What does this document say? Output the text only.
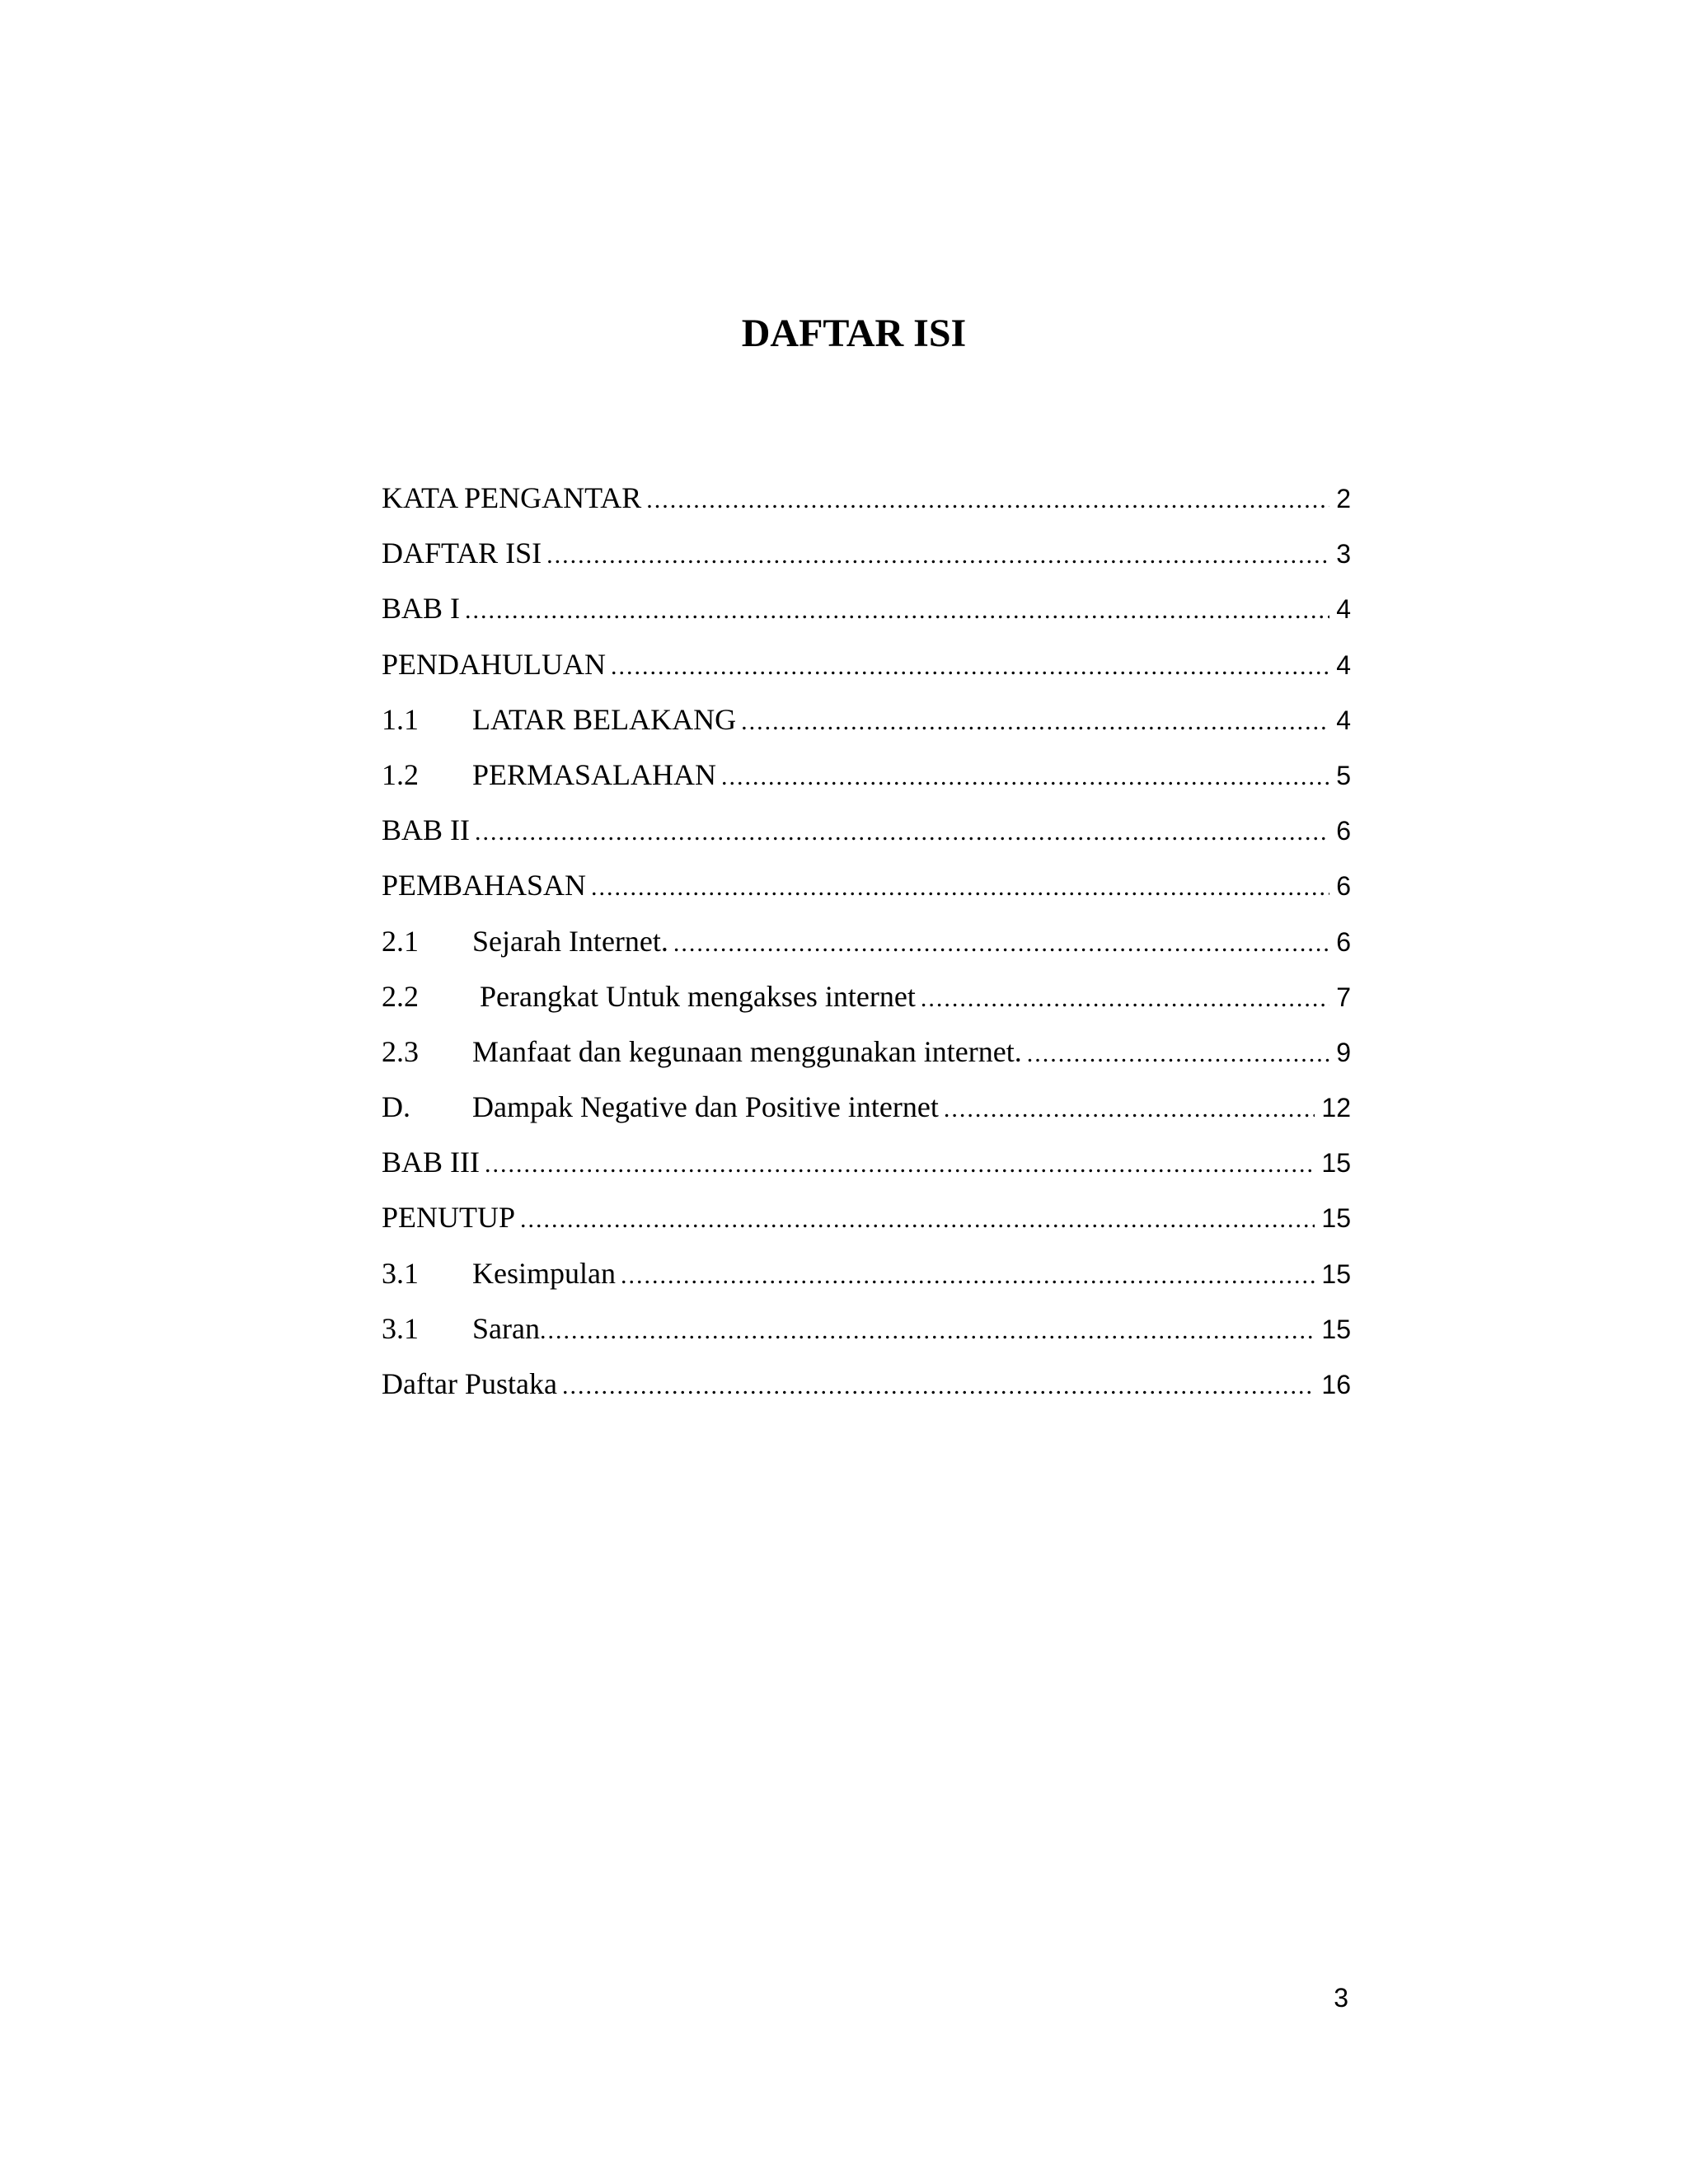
DAFTAR ISI
KATA PENGANTAR .....	2
DAFTAR ISI .....	3
BAB I .....	4
PENDAHULUAN .....	4
1.1	LATAR BELAKANG .....	4
1.2	PERMASALAHAN .....	5
BAB II .....	6
PEMBAHASAN .....	6
2.1	Sejarah Internet. .....	6
2.2	Perangkat Untuk mengakses internet .....	7
2.3	Manfaat dan kegunaan menggunakan internet. .....	9
D.	Dampak Negative dan Positive internet .....	12
BAB III .....	15
PENUTUP .....	15
3.1	Kesimpulan .....	15
3.1	Saran .....	15
Daftar Pustaka .....	16
3
